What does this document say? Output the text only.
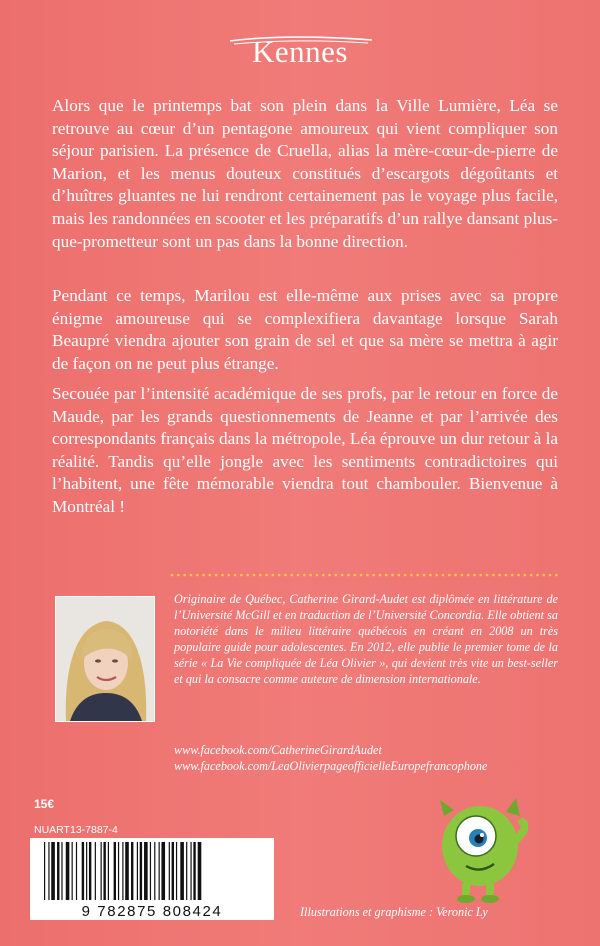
Kennes

Alors que le printemps bat son plein dans la Ville Lumière, Léa se retrouve au cœur d’un pentagone amoureux qui vient compliquer son séjour parisien. La présence de Cruella, alias la mère-cœur-de-pierre de Marion, et les menus douteux constitués d’escargots dégoûtants et d’huîtres gluantes ne lui rendront certainement pas le voyage plus facile, mais les randonnées en scooter et les préparatifs d’un rallye dansant plus-que-prometteur sont un pas dans la bonne direction.

Pendant ce temps, Marilou est elle-même aux prises avec sa propre énigme amoureuse qui se complexifiera davantage lorsque Sarah Beaupré viendra ajouter son grain de sel et que sa mère se mettra à agir de façon on ne peut plus étrange.

Secouée par l’intensité académique de ses profs, par le retour en force de Maude, par les grands questionnements de Jeanne et par l’arrivée des correspondants français dans la métropole, Léa éprouve un dur retour à la réalité. Tandis qu’elle jongle avec les sentiments contradictoires qui l’habitent, une fête mémorable viendra tout chambouler. Bienvenue à Montréal !

Originaire de Québec, Catherine Girard-Audet est diplômée en littérature de l’Université McGill et en traduction de l’Université Concordia. Elle obtient sa notoriété dans le milieu littéraire québécois en créant en 2008 un très populaire guide pour adolescentes. En 2012, elle publie le premier tome de la série « La Vie compliquée de Léa Olivier », qui devient très vite un best-seller et qui la consacre comme auteure de dimension internationale.

www.facebook.com/CatherineGirardAudet
www.facebook.com/LeaOlivierpageofficielleEuropefrancophone
15€
NUART 13-7887-4
9 782875 808424	Illustrations et graphisme : Veronic Ly
